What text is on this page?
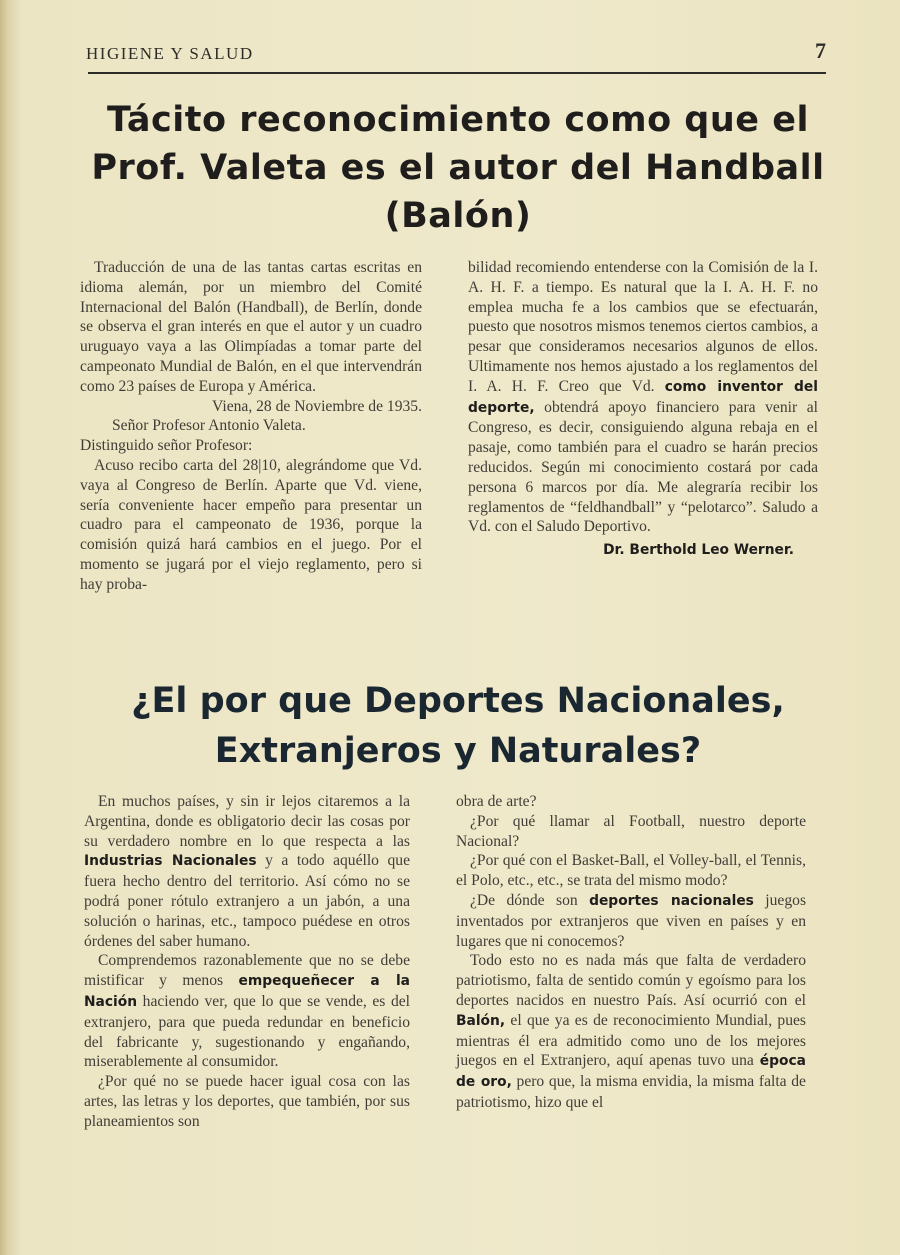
HIGIENE Y SALUD	7
Tácito reconocimiento como que el Prof. Valeta es el autor del Handball (Balón)

Traducción de una de las tantas cartas escritas en idioma alemán, por un miembro del Comité Internacional del Balón (Handball), de Berlín, donde se observa el gran interés en que el autor y un cuadro uruguayo vaya a las Olimpíadas a tomar parte del campeonato Mundial de Balón, en el que intervendrán como 23 países de Europa y América.

Viena, 28 de Noviembre de 1935.

Señor Profesor Antonio Valeta.

Distinguido señor Profesor:

Acuso recibo carta del 28|10, alegrándome que Vd. vaya al Congreso de Berlín. Aparte que Vd. viene, sería conveniente hacer empeño para presentar un cuadro para el campeonato de 1936, porque la comisión quizá hará cambios en el juego. Por el momento se jugará por el viejo reglamento, pero si hay proba-

bilidad recomiendo entenderse con la Comisión de la I. A. H. F. a tiempo. Es natural que la I. A. H. F. no emplea mucha fe a los cambios que se efectuarán, puesto que nosotros mismos tenemos ciertos cambios, a pesar que consideramos necesarios algunos de ellos. Ultimamente nos hemos ajustado a los reglamentos del I. A. H. F. Creo que Vd. como inventor del deporte, obtendrá apoyo financiero para venir al Congreso, es decir, consiguiendo alguna rebaja en el pasaje, como también para el cuadro se harán precios reducidos. Según mi conocimiento costará por cada persona 6 marcos por día. Me alegraría recibir los reglamentos de “feldhandball” y “pelotarco”. Saludo a Vd. con el Saludo Deportivo.

Dr. Berthold Leo Werner.
¿El por que Deportes Nacionales, Extranjeros y Naturales?

En muchos países, y sin ir lejos citaremos a la Argentina, donde es obligatorio decir las cosas por su verdadero nombre en lo que respecta a las Industrias Nacionales y a todo aquéllo que fuera hecho dentro del territorio. Así cómo no se podrá poner rótulo extranjero a un jabón, a una solución o harinas, etc., tampoco puédese en otros órdenes del saber humano.

Comprendemos razonablemente que no se debe mistificar y menos empequeñecer a la Nación haciendo ver, que lo que se vende, es del extranjero, para que pueda redundar en beneficio del fabricante y, sugestionando y engañando, miserablemente al consumidor.

¿Por qué no se puede hacer igual cosa con las artes, las letras y los deportes, que también, por sus planeamientos son

obra de arte?

¿Por qué llamar al Football, nuestro deporte Nacional?

¿Por qué con el Basket-Ball, el Volley-ball, el Tennis, el Polo, etc., etc., se trata del mismo modo?

¿De dónde son deportes nacionales juegos inventados por extranjeros que viven en países y en lugares que ni conocemos?

Todo esto no es nada más que falta de verdadero patriotismo, falta de sentido común y egoísmo para los deportes nacidos en nuestro País. Así ocurrió con el Balón, el que ya es de reconocimiento Mundial, pues mientras él era admitido como uno de los mejores juegos en el Extranjero, aquí apenas tuvo una época de oro, pero que, la misma envidia, la misma falta de patriotismo, hizo que el
